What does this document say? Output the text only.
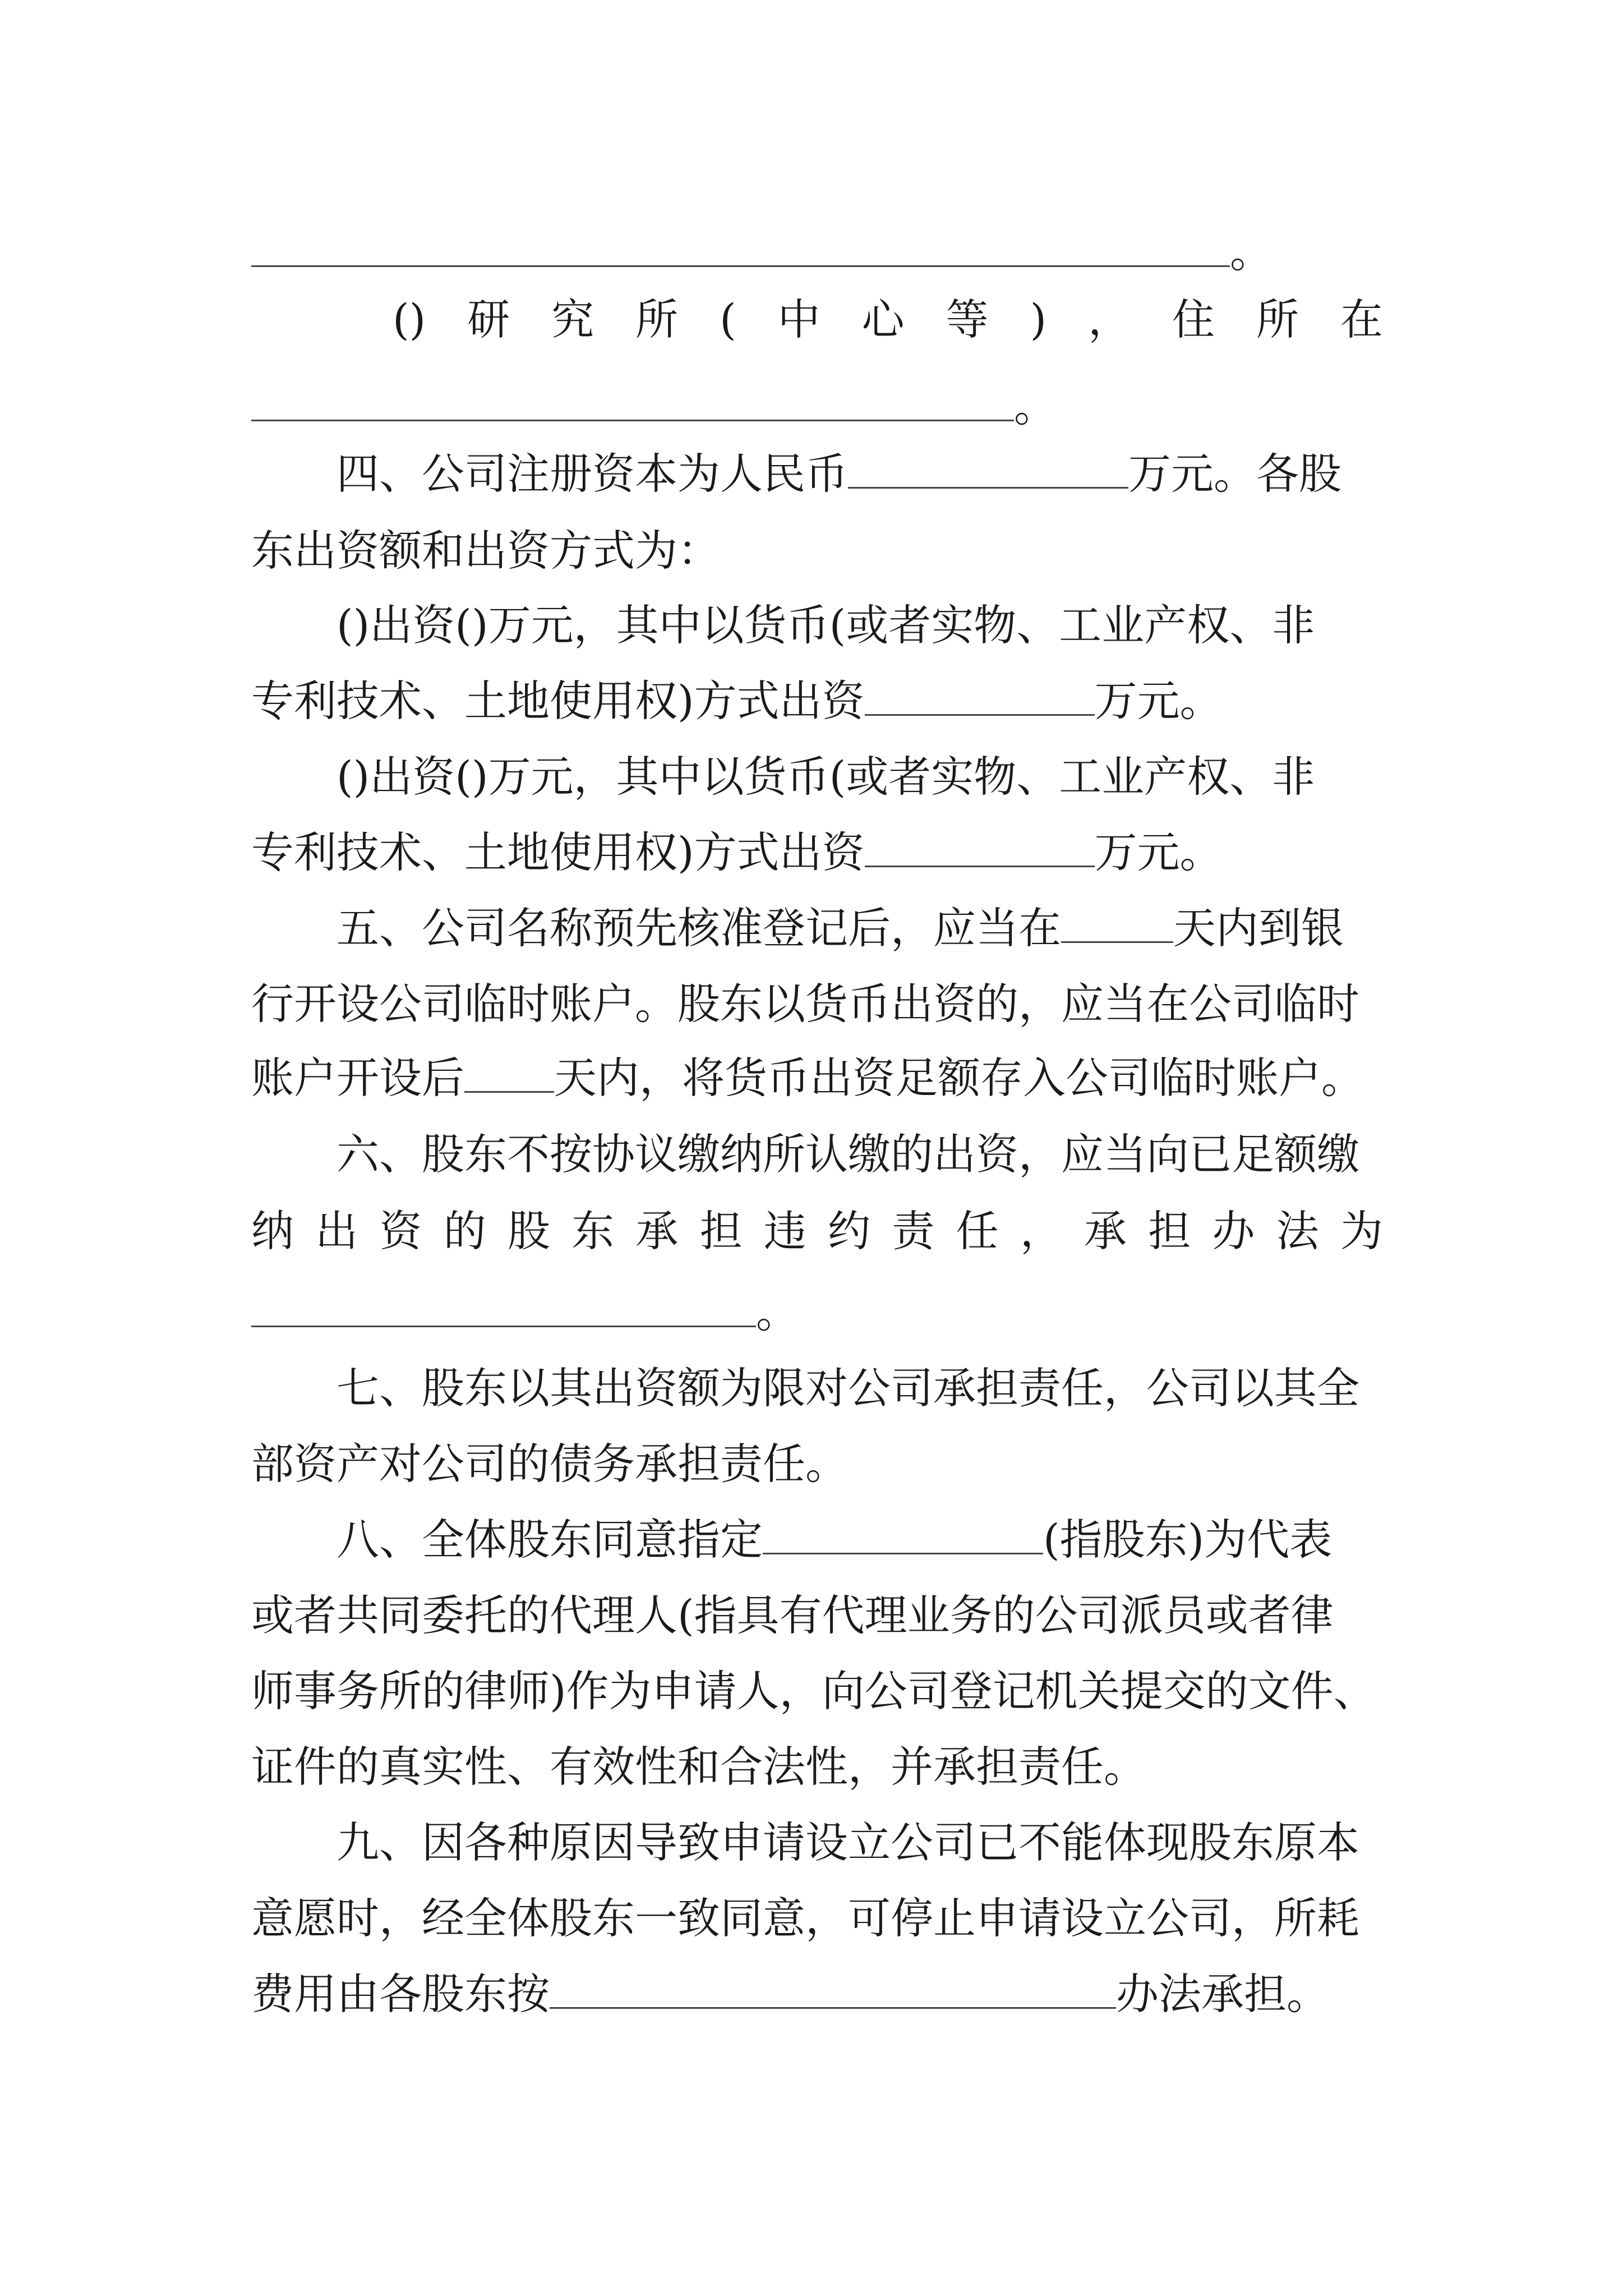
。
() 研 究 所 ( 中 心 等 ) ， 住 所 在
。
四、公司注册资本为人民币	万元。各股
东出资额和出资方式为：
()出资()万元，其中以货币(或者实物、工业产权、非
专利技术、土地使用权)方式出资	万元。
()出资()万元，其中以货币(或者实物、工业产权、非
专利技术、土地使用权)方式出资	万元。
五、公司名称预先核准登记后，应当在	天内到银
行开设公司临时账户。股东以货币出资的，应当在公司临时
账户开设后 天内，将货币出资足额存入公司临时账户。
六、股东不按协议缴纳所认缴的出资，应当向已足额缴
纳 出 资 的 股 东 承 担 违 约 责 任 ， 承 担 办 法 为
。
七、股东以其出资额为限对公司承担责任，公司以其全
部资产对公司的债务承担责任。
八、全体股东同意指定	(指股东)为代表
或者共同委托的代理人(指具有代理业务的公司派员或者律
师事务所的律师)作为申请人，向公司登记机关提交的文件、
证件的真实性、有效性和合法性，并承担责任。
九、因各种原因导致申请设立公司已不能体现股东原本
意愿时，经全体股东一致同意，可停止申请设立公司，所耗
费用由各股东按	办法承担。
